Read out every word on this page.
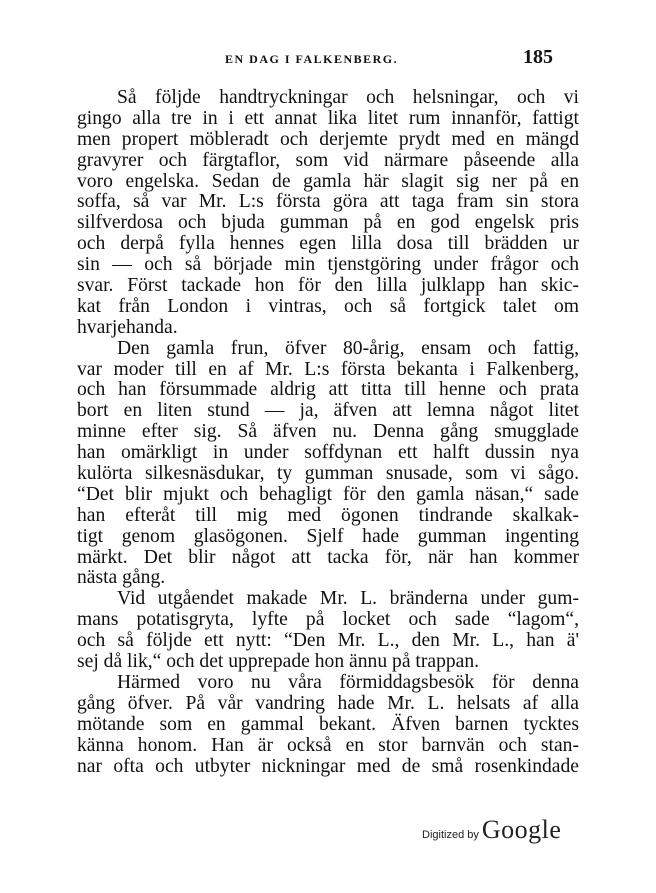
EN DAG I FALKENBERG.	185
Så följde handtryckningar och helsningar, och vi
gingo alla tre in i ett annat lika litet rum innanför, fattigt
men propert möbleradt och derjemte prydt med en mängd
gravyrer och färgtaflor, som vid närmare påseende alla
voro engelska. Sedan de gamla här slagit sig ner på en
soffa, så var Mr. L:s första göra att taga fram sin stora
silfverdosa och bjuda gumman på en god engelsk pris
och derpå fylla hennes egen lilla dosa till brädden ur
sin — och så började min tjenstgöring under frågor och
svar. Först tackade hon för den lilla julklapp han skic-
kat från London i vintras, och så fortgick talet om
hvarjehanda.
Den gamla frun, öfver 80-årig, ensam och fattig,
var moder till en af Mr. L:s första bekanta i Falkenberg,
och han försummade aldrig att titta till henne och prata
bort en liten stund — ja, äfven att lemna något litet
minne efter sig. Så äfven nu. Denna gång smugglade
han omärkligt in under soffdynan ett halft dussin nya
kulörta silkesnäsdukar, ty gumman snusade, som vi sågo.
“Det blir mjukt och behagligt för den gamla näsan,“ sade
han efteråt till mig med ögonen tindrande skalkak-
tigt genom glasögonen. Sjelf hade gumman ingenting
märkt. Det blir något att tacka för, när han kommer
nästa gång.
Vid utgåendet makade Mr. L. bränderna under gum-
mans potatisgryta, lyfte på locket och sade “lagom“,
och så följde ett nytt: “Den Mr. L., den Mr. L., han ä'
sej då lik,“ och det upprepade hon ännu på trappan.
Härmed voro nu våra förmiddagsbesök för denna
gång öfver. På vår vandring hade Mr. L. helsats af alla
mötande som en gammal bekant. Äfven barnen tycktes
känna honom. Han är också en stor barnvän och stan-
nar ofta och utbyter nickningar med de små rosenkindade
Digitized by Google
